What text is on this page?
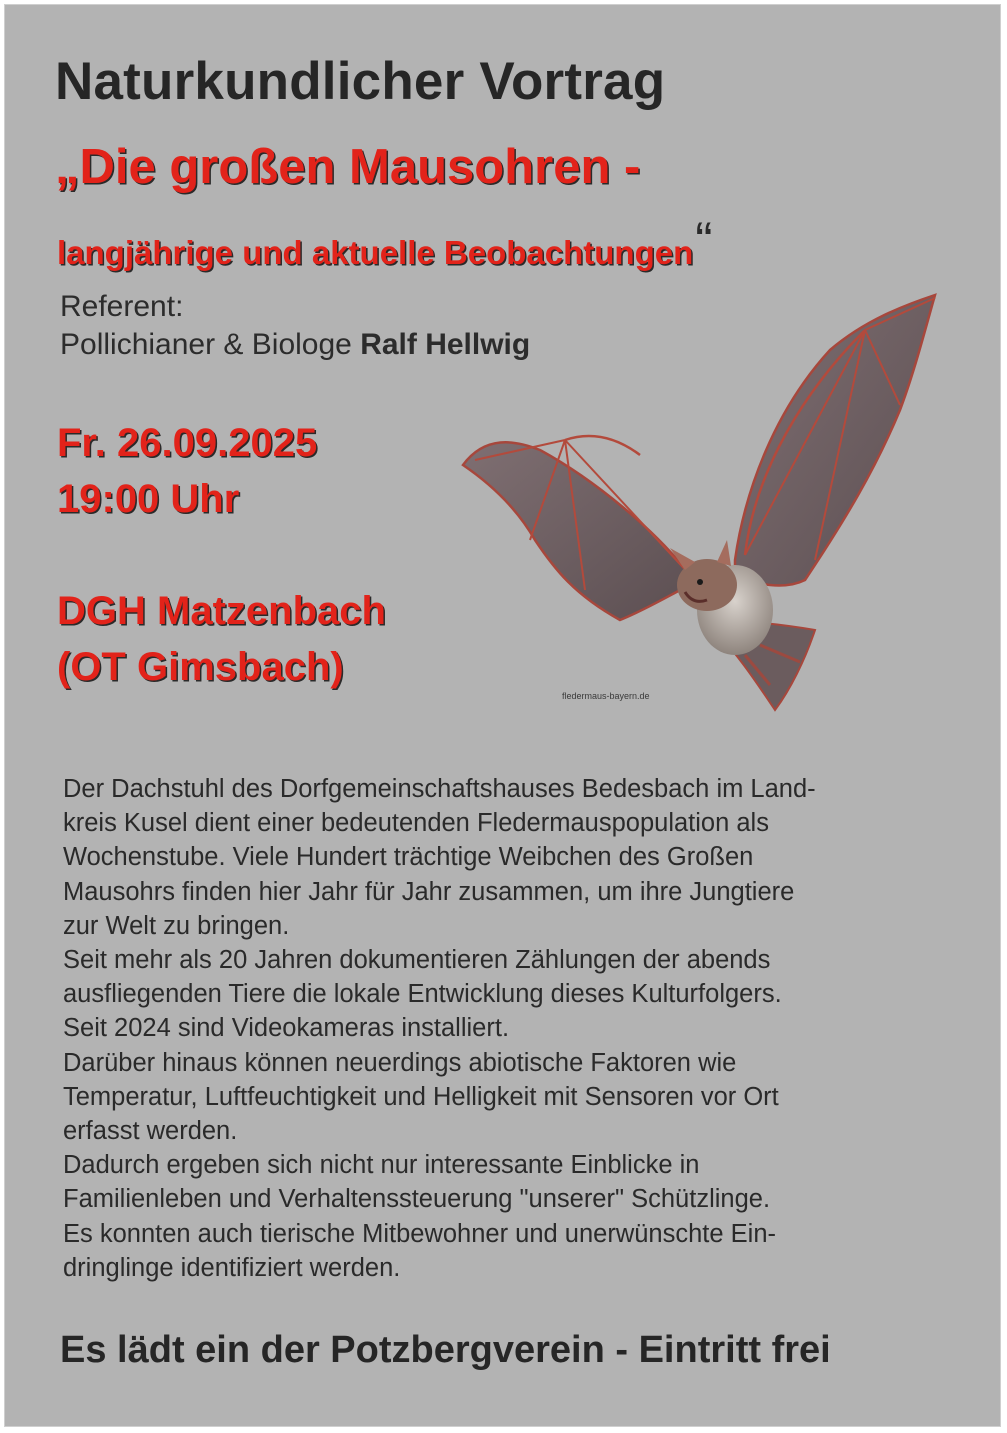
Naturkundlicher Vortrag
„Die großen Mausohren -
langjährige und aktuelle Beobachtungen“
Referent:
Pollichianer & Biologe Ralf Hellwig
Fr. 26.09.2025
19:00 Uhr
DGH Matzenbach
(OT Gimsbach)
fledermaus-bayern.de

Der Dachstuhl des Dorfgemeinschaftshauses Bedesbach im Land-

kreis Kusel dient einer bedeutenden Fledermauspopulation als

Wochenstube. Viele Hundert trächtige Weibchen des Großen

Mausohrs finden hier Jahr für Jahr zusammen, um ihre Jungtiere

zur Welt zu bringen.

Seit mehr als 20 Jahren dokumentieren Zählungen der abends

ausfliegenden Tiere die lokale Entwicklung dieses Kulturfolgers.

Seit 2024 sind Videokameras installiert.

Darüber hinaus können neuerdings abiotische Faktoren wie

Temperatur, Luftfeuchtigkeit und Helligkeit mit Sensoren vor Ort

erfasst werden.

Dadurch ergeben sich nicht nur interessante Einblicke in

Familienleben und Verhaltenssteuerung "unserer" Schützlinge.

Es konnten auch tierische Mitbewohner und unerwünschte Ein-

dringlinge identifiziert werden.

Es lädt ein der Potzbergverein - Eintritt frei
